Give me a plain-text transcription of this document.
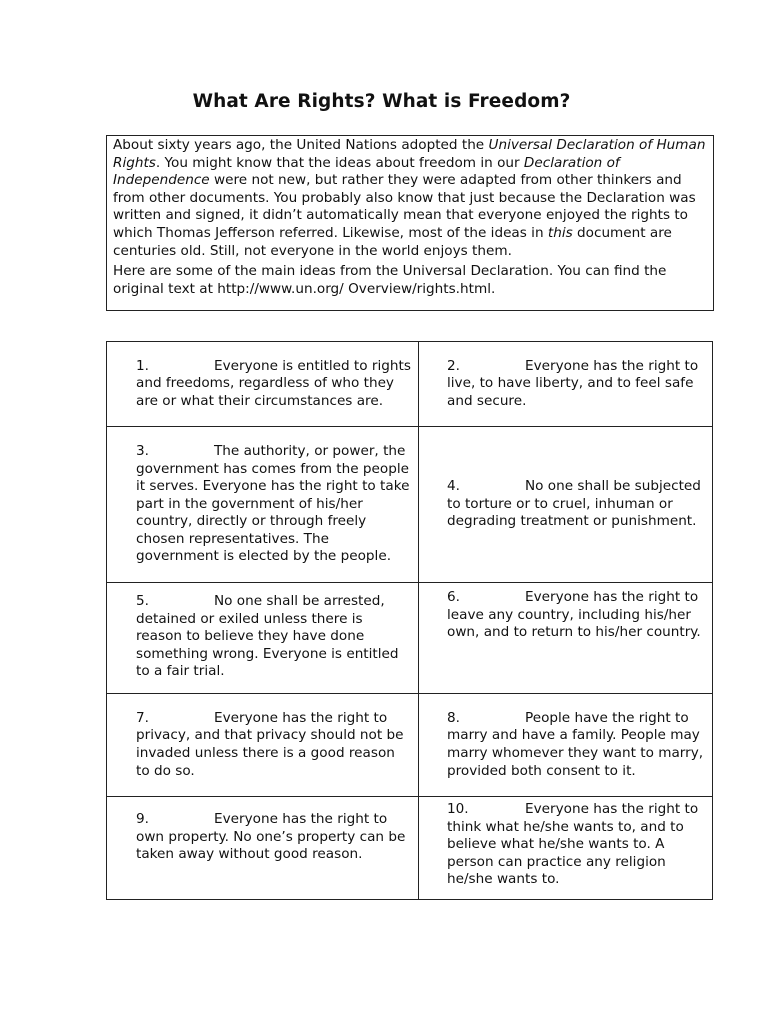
What Are Rights? What is Freedom?

About sixty years ago, the United Nations adopted the Universal Declaration of Human Rights. You might know that the ideas about freedom in our Declaration of Independence were not new, but rather they were adapted from other thinkers and from other documents. You probably also know that just because the Declaration was written and signed, it didn’t automatically mean that everyone enjoyed the rights to which Thomas Jefferson referred. Likewise, most of the ideas in this document are centuries old. Still, not everyone in the world enjoys them.

Here are some of the main ideas from the Universal Declaration. You can find the original text at http://www.un.org/ Overview/rights.html.

1. Everyone is entitled to rights and freedoms, regardless of who they are or what their circumstances are.	2. Everyone has the right to live, to have liberty, and to feel safe and secure.

3. The authority, or power, the government has comes from the people it serves. Everyone has the right to take part in the government of his/her country, directly or through freely chosen representatives. The government is elected by the people.	4. No one shall be subjected to torture or to cruel, inhuman or degrading treatment or punishment.

5. No one shall be arrested, detained or exiled unless there is reason to believe they have done something wrong. Everyone is entitled to a fair trial.	6. Everyone has the right to leave any country, including his/her own, and to return to his/her country.

7. Everyone has the right to privacy, and that privacy should not be invaded unless there is a good reason to do so.	8. People have the right to marry and have a family. People may marry whomever they want to marry, provided both consent to it.

9. Everyone has the right to own property. No one’s property can be taken away without good reason.	10. Everyone has the right to think what he/she wants to, and to believe what he/she wants to. A person can practice any religion he/she wants to.
